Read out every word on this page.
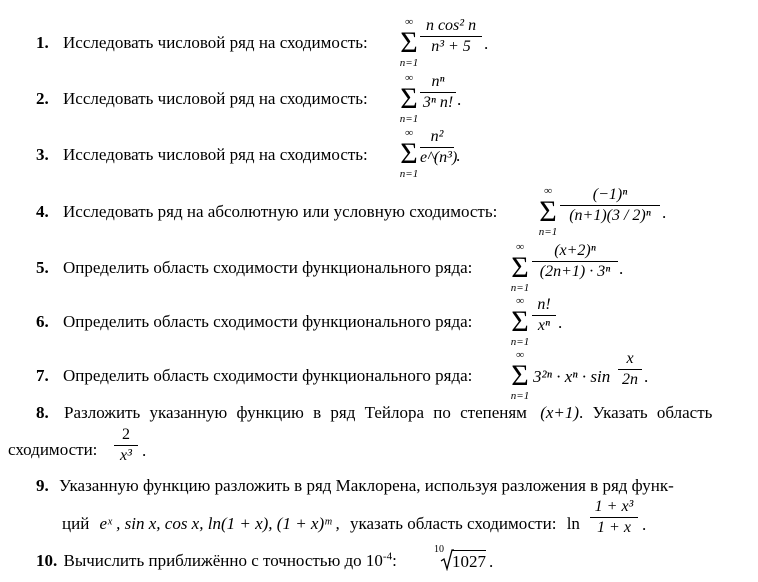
1. Исследовать числовой ряд на сходимость:
∞
Σ
n=1
n cos² n
n³ + 5 .
2. Исследовать числовой ряд на сходимость:
∞
Σ
n=1
nⁿ
3ⁿ n! .
3. Исследовать числовой ряд на сходимость:
∞
Σ
n=1
n²
e^(n³)
.
4. Исследовать ряд на абсолютную или условную сходимость:
∞
Σ
n=1
(−1)ⁿ
(n+1)(3 / 2)ⁿ .
5. Определить область сходимости функционального ряда:
∞
Σ
n=1
(x+2)ⁿ
(2n+1) · 3ⁿ .
6. Определить область сходимости функционального ряда:
∞
Σ
n=1
n!
xⁿ .
7. Определить область сходимости функционального ряда:
∞
Σ
n=1
3²ⁿ · xⁿ · sin
x
2n .
8. Разложить указанную функцию в ряд Тейлора по степеням (x+1). Указать область
сходимости:
2
x³ .
9. Указанную функцию разложить в ряд Маклорена, используя разложения в ряд функ-
ций eˣ , sin x, cos x, ln(1 + x), (1 + x)ᵐ , указать область сходимости: ln
1 + x³
1 + x .
10. Вычислить приближённо с точностью до $10^{-4}$:
10
1027 .
